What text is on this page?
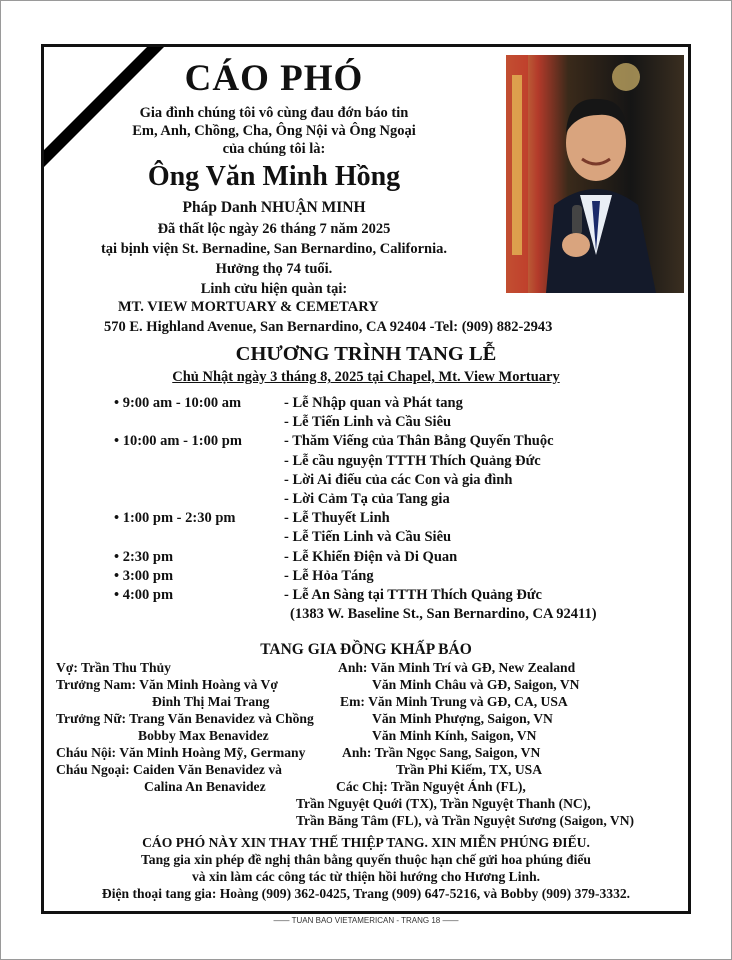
CÁO PHÓ
Gia đình chúng tôi vô cùng đau đớn báo tin
Em, Anh, Chồng, Cha, Ông Nội và Ông Ngoại
của chúng tôi là:
Ông Văn Minh Hồng
Pháp Danh NHUẬN MINH
Đã thất lộc ngày 26 tháng 7 năm 2025
tại bịnh viện St. Bernadine, San Bernardino, California.
Hưởng thọ 74 tuổi.
Linh cửu hiện quàn tại:
MT. VIEW MORTUARY & CEMETARY
570 E. Highland Avenue, San Bernardino, CA 92404 -Tel: (909) 882-2943
CHƯƠNG TRÌNH TANG LỄ
Chủ Nhật ngày 3 tháng 8, 2025 tại Chapel, Mt. View Mortuary
• 9:00 am - 10:00 am	- Lễ Nhập quan và Phát tang
- Lễ Tiến Linh và Cầu Siêu
• 10:00 am - 1:00 pm	- Thăm Viếng của Thân Bằng Quyến Thuộc
- Lễ cầu nguyện TTTH Thích Quảng Đức
- Lời Ai điếu của các Con và gia đình
- Lời Cảm Tạ của Tang gia
• 1:00 pm - 2:30 pm	- Lễ Thuyết Linh
- Lễ Tiến Linh và Cầu Siêu
• 2:30 pm	- Lễ Khiển Điện và Di Quan
• 3:00 pm	- Lễ Hỏa Táng
• 4:00 pm	- Lễ An Sàng tại TTTH Thích Quảng Đức
(1383 W. Baseline St., San Bernardino, CA 92411)
TANG GIA ĐỒNG KHẤP BÁO
Vợ: Trần Thu Thủy
Trưởng Nam: Văn Minh Hoàng và Vợ
Đinh Thị Mai Trang
Trưởng Nữ: Trang Văn Benavidez và Chồng
Bobby Max Benavidez
Cháu Nội: Văn Minh Hoàng Mỹ, Germany
Cháu Ngoại: Caiden Văn Benavidez và
Calina An Benavidez
Anh: Văn Minh Trí và GĐ, New Zealand
Văn Minh Châu và GĐ, Saigon, VN
Em: Văn Minh Trung và GĐ, CA, USA
Văn Minh Phượng, Saigon, VN
Văn Minh Kính, Saigon, VN
Anh: Trần Ngọc Sang, Saigon, VN
Trần Phi Kiếm, TX, USA
Các Chị: Trần Nguyệt Ánh (FL),
Trần Nguyệt Quới (TX), Trần Nguyệt Thanh (NC),
Trần Băng Tâm (FL), và Trần Nguyệt Sương (Saigon, VN)
CÁO PHÓ NÀY XIN THAY THẾ THIỆP TANG. XIN MIỄN PHÚNG ĐIẾU.
Tang gia xin phép đề nghị thân bằng quyến thuộc hạn chế gửi hoa phúng điếu
và xin làm các công tác từ thiện hồi hướng cho Hương Linh.
Điện thoại tang gia: Hoàng (909) 362-0425, Trang (909) 647-5216, và Bobby (909) 379-3332.
—— TUAN BAO VIETAMERICAN - TRANG 18 ——
